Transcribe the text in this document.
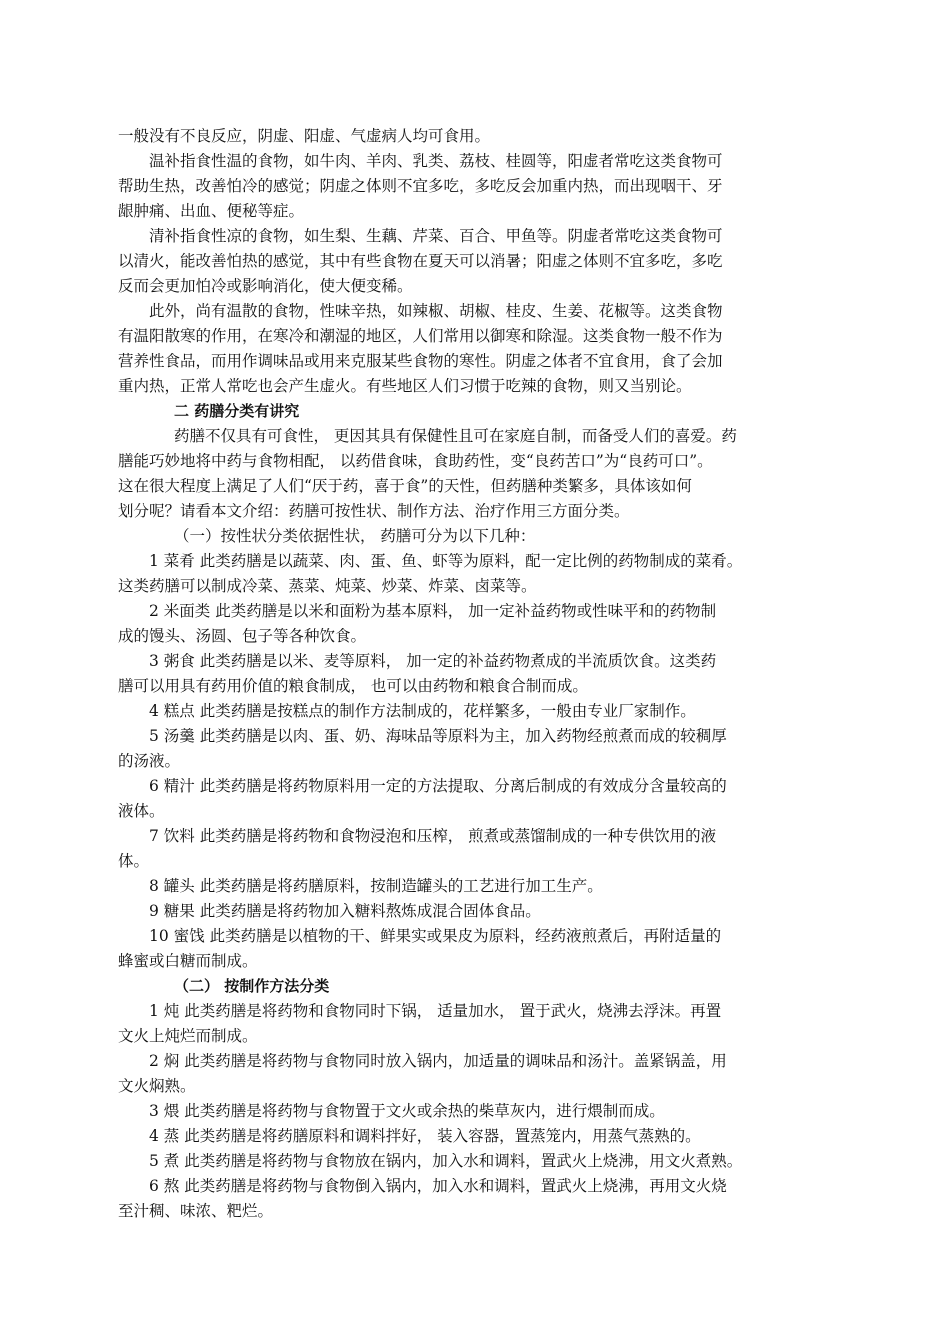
一般没有不良反应，阴虚、阳虚、气虚病人均可食用。
温补指食性温的食物，如牛肉、羊肉、乳类、荔枝、桂圆等，阳虚者常吃这类食物可
帮助生热，改善怕冷的感觉；阴虚之体则不宜多吃，多吃反会加重内热，而出现咽干、牙
龈肿痛、出血、便秘等症。
清补指食性凉的食物，如生梨、生藕、芹菜、百合、甲鱼等。阴虚者常吃这类食物可
以清火，能改善怕热的感觉，其中有些食物在夏天可以消暑；阳虚之体则不宜多吃，多吃
反而会更加怕冷或影响消化，使大便变稀。
此外，尚有温散的食物，性味辛热，如辣椒、胡椒、桂皮、生姜、花椒等。这类食物
有温阳散寒的作用，在寒冷和潮湿的地区，人们常用以御寒和除湿。这类食物一般不作为
营养性食品，而用作调味品或用来克服某些食物的寒性。阴虚之体者不宜食用，食了会加
重内热，正常人常吃也会产生虚火。有些地区人们习惯于吃辣的食物，则又当别论。
二 药膳分类有讲究
药膳不仅具有可食性， 更因其具有保健性且可在家庭自制，而备受人们的喜爱。药
膳能巧妙地将中药与食物相配， 以药借食味，食助药性，变“良药苦口”为“良药可口”。
这在很大程度上满足了人们“厌于药，喜于食”的天性，但药膳种类繁多，具体该如何
划分呢？请看本文介绍：药膳可按性状、制作方法、治疗作用三方面分类。
（一）按性状分类依据性状， 药膳可分为以下几种：
1 菜肴 此类药膳是以蔬菜、肉、蛋、鱼、虾等为原料，配一定比例的药物制成的菜肴。
这类药膳可以制成冷菜、蒸菜、炖菜、炒菜、炸菜、卤菜等。
2 米面类 此类药膳是以米和面粉为基本原料， 加一定补益药物或性味平和的药物制
成的馒头、汤圆、包子等各种饮食。
3 粥食 此类药膳是以米、麦等原料， 加一定的补益药物煮成的半流质饮食。这类药
膳可以用具有药用价值的粮食制成， 也可以由药物和粮食合制而成。
4 糕点 此类药膳是按糕点的制作方法制成的，花样繁多，一般由专业厂家制作。
5 汤羹 此类药膳是以肉、蛋、奶、海味品等原料为主，加入药物经煎煮而成的较稠厚
的汤液。
6 精汁 此类药膳是将药物原料用一定的方法提取、分离后制成的有效成分含量较高的
液体。
7 饮料 此类药膳是将药物和食物浸泡和压榨， 煎煮或蒸馏制成的一种专供饮用的液
体。
8 罐头 此类药膳是将药膳原料，按制造罐头的工艺进行加工生产。
9 糖果 此类药膳是将药物加入糖料熬炼成混合固体食品。
10 蜜饯 此类药膳是以植物的干、鲜果实或果皮为原料，经药液煎煮后，再附适量的
蜂蜜或白糖而制成。
（二） 按制作方法分类
1 炖 此类药膳是将药物和食物同时下锅， 适量加水， 置于武火，烧沸去浮沫。再置
文火上炖烂而制成。
2 焖 此类药膳是将药物与食物同时放入锅内，加适量的调味品和汤汁。盖紧锅盖，用
文火焖熟。
3 煨 此类药膳是将药物与食物置于文火或余热的柴草灰内，进行煨制而成。
4 蒸 此类药膳是将药膳原料和调料拌好， 装入容器，置蒸笼内，用蒸气蒸熟的。
5 煮 此类药膳是将药物与食物放在锅内，加入水和调料，置武火上烧沸，用文火煮熟。
6 熬 此类药膳是将药物与食物倒入锅内，加入水和调料，置武火上烧沸，再用文火烧
至汁稠、味浓、粑烂。
